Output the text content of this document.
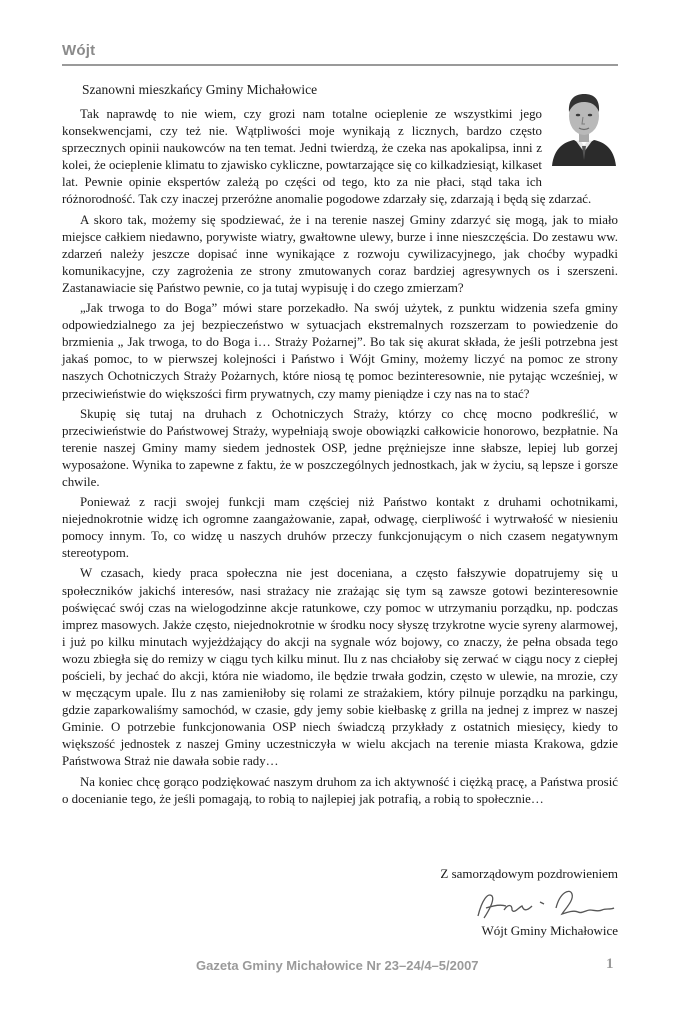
Wójt
Szanowni mieszkańcy Gminy Michałowice

Tak naprawdę to nie wiem, czy grozi nam totalne ocieplenie ze wszystkimi jego konsekwencjami, czy też nie. Wątpliwości moje wynikają z licznych, bardzo często sprzecznych opinii naukowców na ten temat. Jedni twierdzą, że czeka nas apokalipsa, inni z kolei, że ocieplenie klimatu to zjawisko cykliczne, powtarzające się co kilkadziesiąt, kilkaset lat. Pewnie opinie ekspertów zależą po części od tego, kto za nie płaci, stąd taka ich różnorodność. Tak czy inaczej przeróżne anomalie pogodowe zdarzały się, zdarzają i będą się zdarzać.

A skoro tak, możemy się spodziewać, że i na terenie naszej Gminy zdarzyć się mogą, jak to miało miejsce całkiem niedawno, porywiste wiatry, gwałtowne ulewy, burze i inne nieszczęścia. Do zestawu ww. zdarzeń należy jeszcze dopisać inne wynikające z rozwoju cywilizacyjnego, jak choćby wypadki komunikacyjne, czy zagrożenia ze strony zmutowanych coraz bardziej agresywnych os i szerszeni. Zastanawiacie się Państwo pewnie, co ja tutaj wypisuję i do czego zmierzam?

„Jak trwoga to do Boga” mówi stare porzekadło. Na swój użytek, z punktu widzenia szefa gminy odpowiedzialnego za jej bezpieczeństwo w sytuacjach ekstremalnych rozszerzam to powiedzenie do brzmienia „ Jak trwoga, to do Boga i… Straży Pożarnej”. Bo tak się akurat składa, że jeśli potrzebna jest jakaś pomoc, to w pierwszej kolejności i Państwo i Wójt Gminy, możemy liczyć na pomoc ze strony naszych Ochotniczych Straży Pożarnych, które niosą tę pomoc bezinteresownie, nie pytając wcześniej, w przeciwieństwie do większości firm prywatnych, czy mamy pieniądze i czy nas na to stać?

Skupię się tutaj na druhach z Ochotniczych Straży, którzy co chcę mocno podkreślić, w przeciwieństwie do Państwowej Straży, wypełniają swoje obowiązki całkowicie honorowo, bezpłatnie. Na terenie naszej Gminy mamy siedem jednostek OSP, jedne prężniejsze inne słabsze, lepiej lub gorzej wyposażone. Wynika to zapewne z faktu, że w poszczególnych jednostkach, jak w życiu, są lepsze i gorsze chwile.

Ponieważ z racji swojej funkcji mam częściej niż Państwo kontakt z druhami ochotnikami, niejednokrotnie widzę ich ogromne zaangażowanie, zapał, odwagę, cierpliwość i wytrwałość w niesieniu pomocy innym. To, co widzę u naszych druhów przeczy funkcjonującym o nich czasem negatywnym stereotypom.

W czasach, kiedy praca społeczna nie jest doceniana, a często fałszywie dopatrujemy się u społeczników jakichś interesów, nasi strażacy nie zrażając się tym są zawsze gotowi bezinteresownie poświęcać swój czas na wielogodzinne akcje ratunkowe, czy pomoc w utrzymaniu porządku, np. podczas imprez masowych. Jakże często, niejednokrotnie w środku nocy słyszę trzykrotne wycie syreny alarmowej, i już po kilku minutach wyjeżdżający do akcji na sygnale wóz bojowy, co znaczy, że pełna obsada tego wozu zbiegła się do remizy w ciągu tych kilku minut. Ilu z nas chciałoby się zerwać w ciągu nocy z ciepłej pościeli, by jechać do akcji, która nie wiadomo, ile będzie trwała godzin, często w ulewie, na mrozie, czy w męczącym upale. Ilu z nas zamieniłoby się rolami ze strażakiem, który pilnuje porządku na parkingu, gdzie zaparkowaliśmy samochód, w czasie, gdy jemy sobie kiełbaskę z grilla na jednej z imprez w naszej Gminie. O potrzebie funkcjonowania OSP niech świadczą przykłady z ostatnich miesięcy, kiedy to większość jednostek z naszej Gminy uczestniczyła w wielu akcjach na terenie miasta Krakowa, gdzie Państwowa Straż nie dawała sobie rady…

Na koniec chcę gorąco podziękować naszym druhom za ich aktywność i ciężką pracę, a Państwa prosić o docenianie tego, że jeśli pomagają, to robią to najlepiej jak potrafią, a robią to społecznie…

Z samorządowym pozdrowieniem
Wójt Gminy Michałowice
Gazeta Gminy Michałowice Nr 23–24/4–5/2007	1
